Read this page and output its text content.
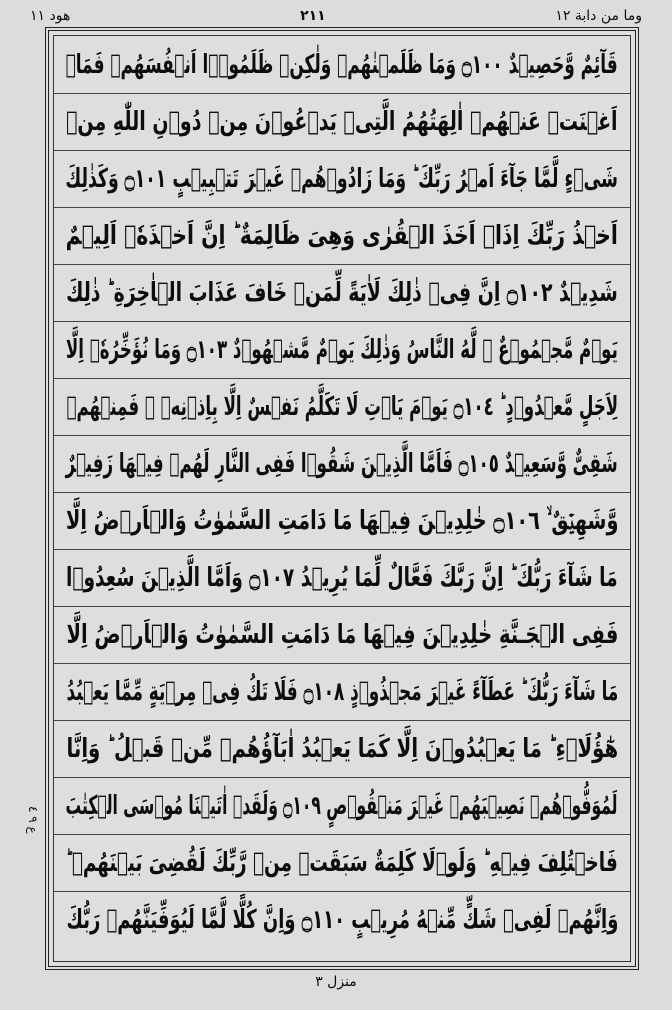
وما من دابة ١٢
٢١١
هود ١١
قَآئِمٌ وَّحَصِيۡدٌ ۝١٠٠ وَمَا ظَلَمۡنٰهُمۡ وَلٰكِنۡ ظَلَمُوۡۤا اَنۡفُسَهُمۡ فَمَاۤ
اَغۡنَتۡ عَنۡهُمۡ اٰلِهَتُهُمُ الَّتِىۡ يَدۡعُوۡنَ مِنۡ دُوۡنِ اللّٰهِ مِنۡ
شَىۡءٍ لَّمَّا جَآءَ اَمۡرُ رَبِّكَ ؕ وَمَا زَادُوۡهُمۡ غَيۡرَ تَتۡبِيۡبٍ ۝١٠١ وَكَذٰلِكَ
اَخۡذُ رَبِّكَ اِذَاۤ اَخَذَ الۡقُرٰى وَهِىَ ظَالِمَةٌ ؕ اِنَّ اَخۡذَهٗۤ اَلِيۡمٌ
شَدِيۡدٌ ۝١٠٢ اِنَّ فِىۡ ذٰلِكَ لَاٰيَةً لِّمَنۡ خَافَ عَذَابَ الۡاٰخِرَةِ ؕ ذٰلِكَ
يَوۡمٌ مَّجۡمُوۡعٌ ۙ لَّهُ النَّاسُ وَذٰلِكَ يَوۡمٌ مَّشۡهُوۡدٌ ۝١٠٣ وَمَا نُؤَخِّرُهٗۤ اِلَّا
لِاَجَلٍ مَّعۡدُوۡدٍ ؕ ۝١٠٤ يَوۡمَ يَاۡتِ لَا تَكَلَّمُ نَفۡسٌ اِلَّا بِاِذۡنِهٖ ۚ فَمِنۡهُمۡ
شَقِىٌّ وَّسَعِيۡدٌ ۝١٠٥ فَاَمَّا الَّذِيۡنَ شَقُوۡا فَفِى النَّارِ لَهُمۡ فِيۡهَا زَفِيۡرٌ
وَّشَهِيۡقٌ ۙ ۝١٠٦ خٰلِدِيۡنَ فِيۡهَا مَا دَامَتِ السَّمٰوٰتُ وَالۡاَرۡضُ اِلَّا
مَا شَآءَ رَبُّكَ ؕ اِنَّ رَبَّكَ فَعَّالٌ لِّمَا يُرِيۡدُ ۝١٠٧ وَاَمَّا الَّذِيۡنَ سُعِدُوۡا
فَفِى الۡجَـنَّةِ خٰلِدِيۡنَ فِيۡهَا مَا دَامَتِ السَّمٰوٰتُ وَالۡاَرۡضُ اِلَّا
مَا شَآءَ رَبُّكَ ؕ عَطَآءً غَيۡرَ مَجۡذُوۡذٍ ۝١٠٨ فَلَا تَكُ فِىۡ مِرۡيَةٍ مِّمَّا يَعۡبُدُ
هٰٓؤُلَاۤءِ ؕ مَا يَعۡبُدُوۡنَ اِلَّا كَمَا يَعۡبُدُ اٰبَآؤُهُمۡ مِّنۡ قَبۡلُ ؕ وَاِنَّا
لَمُوَفُّوۡهُمۡ نَصِيۡبَهُمۡ غَيۡرَ مَنۡقُوۡصٍ ۝١٠٩ وَلَقَدۡ اٰتَيۡنَا مُوۡسَى الۡكِتٰبَ
فَاخۡتُلِفَ فِيۡهِ ؕ وَلَوۡلَا كَلِمَةٌ سَبَقَتۡ مِنۡ رَّبِّكَ لَقُضِىَ بَيۡنَهُمۡ ؕ
وَاِنَّهُمۡ لَفِىۡ شَكٍّ مِّنۡهُ مُرِيۡبٍ ۝١١٠ وَاِنَّ كُلًّا لَّمَّا لَيُوَفِّيَنَّهُمۡ رَبُّكَ
ع ٩ ٤
منزل ٣
